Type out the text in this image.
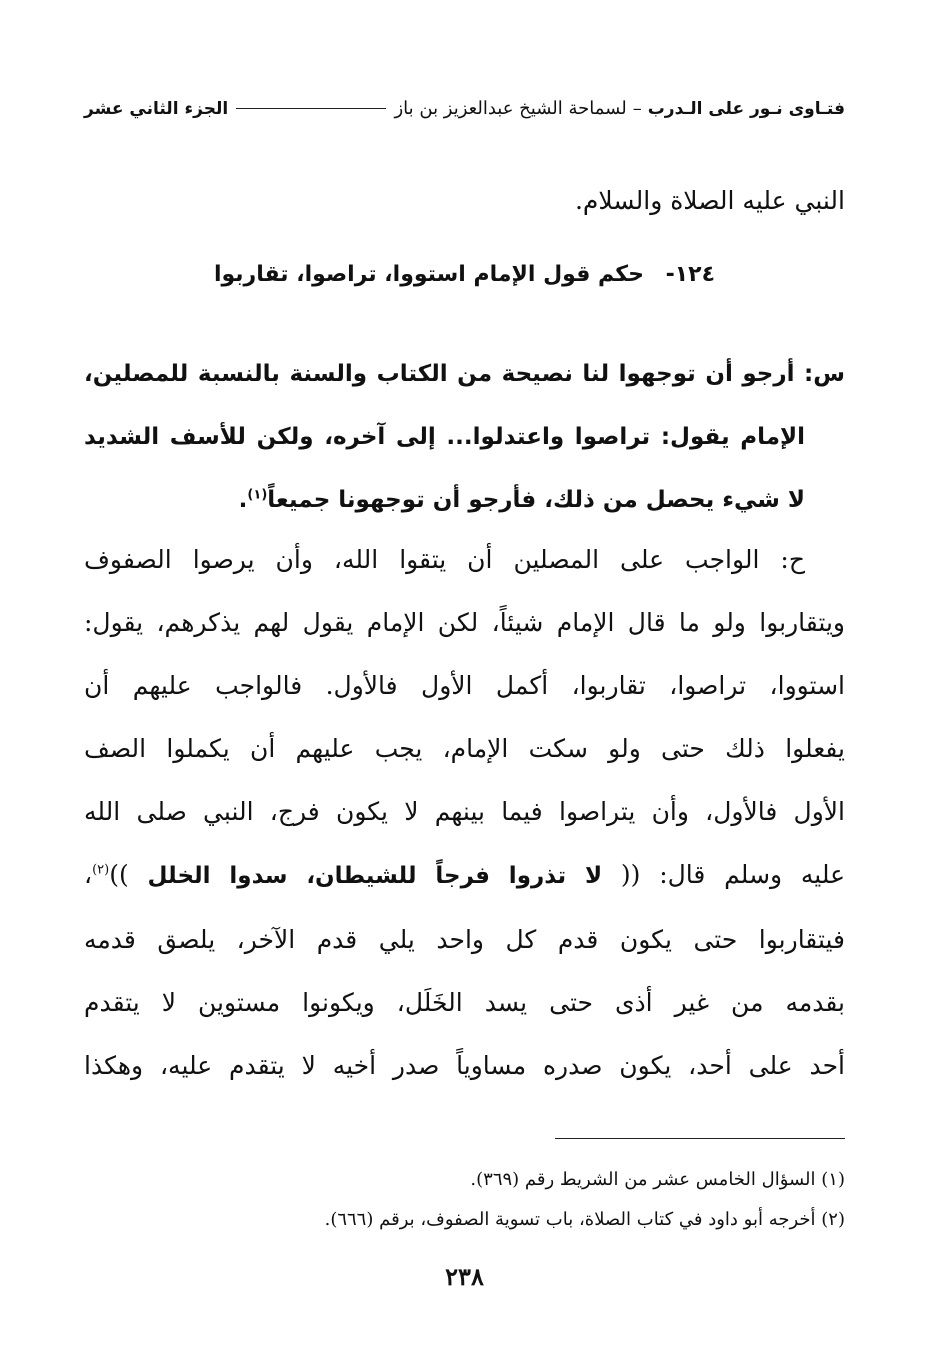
فتـاوى نـور على الـدرب
–
لسماحة الشيخ عبدالعزيز بن باز
الجزء الثاني عشر
النبي عليه الصلاة والسلام.
١٢٤- حكم قول الإمام استووا، تراصوا، تقاربوا
س: أرجو أن توجهوا لنا نصيحة من الكتاب والسنة بالنسبة للمصلين،
الإمام يقول: تراصوا واعتدلوا... إلى آخره، ولكن للأسف الشديد
لا شيء يحصل من ذلك، فأرجو أن توجهونا جميعاً$^{(١)}$.
ح: الواجب على المصلين أن يتقوا الله، وأن يرصوا الصفوف
ويتقاربوا ولو ما قال الإمام شيئاً، لكن الإمام يقول لهم يذكرهم، يقول:
استووا، تراصوا، تقاربوا، أكمل الأول فالأول. فالواجب عليهم أن
يفعلوا ذلك حتى ولو سكت الإمام، يجب عليهم أن يكملوا الصف
الأول فالأول، وأن يتراصوا فيما بينهم لا يكون فرج، النبي صلى الله
عليه وسلم قال: (( لا تذروا فرجاً للشيطان، سدوا الخلل ))$^{(٢)}$،
فيتقاربوا حتى يكون قدم كل واحد يلي قدم الآخر، يلصق قدمه
بقدمه من غير أذى حتى يسد الخَلَل، ويكونوا مستوين لا يتقدم
أحد على أحد، يكون صدره مساوياً صدر أخيه لا يتقدم عليه، وهكذا
(١) السؤال الخامس عشر من الشريط رقم (٣٦٩).
(٢) أخرجه أبو داود في كتاب الصلاة، باب تسوية الصفوف، برقم (٦٦٦).
٢٣٨
